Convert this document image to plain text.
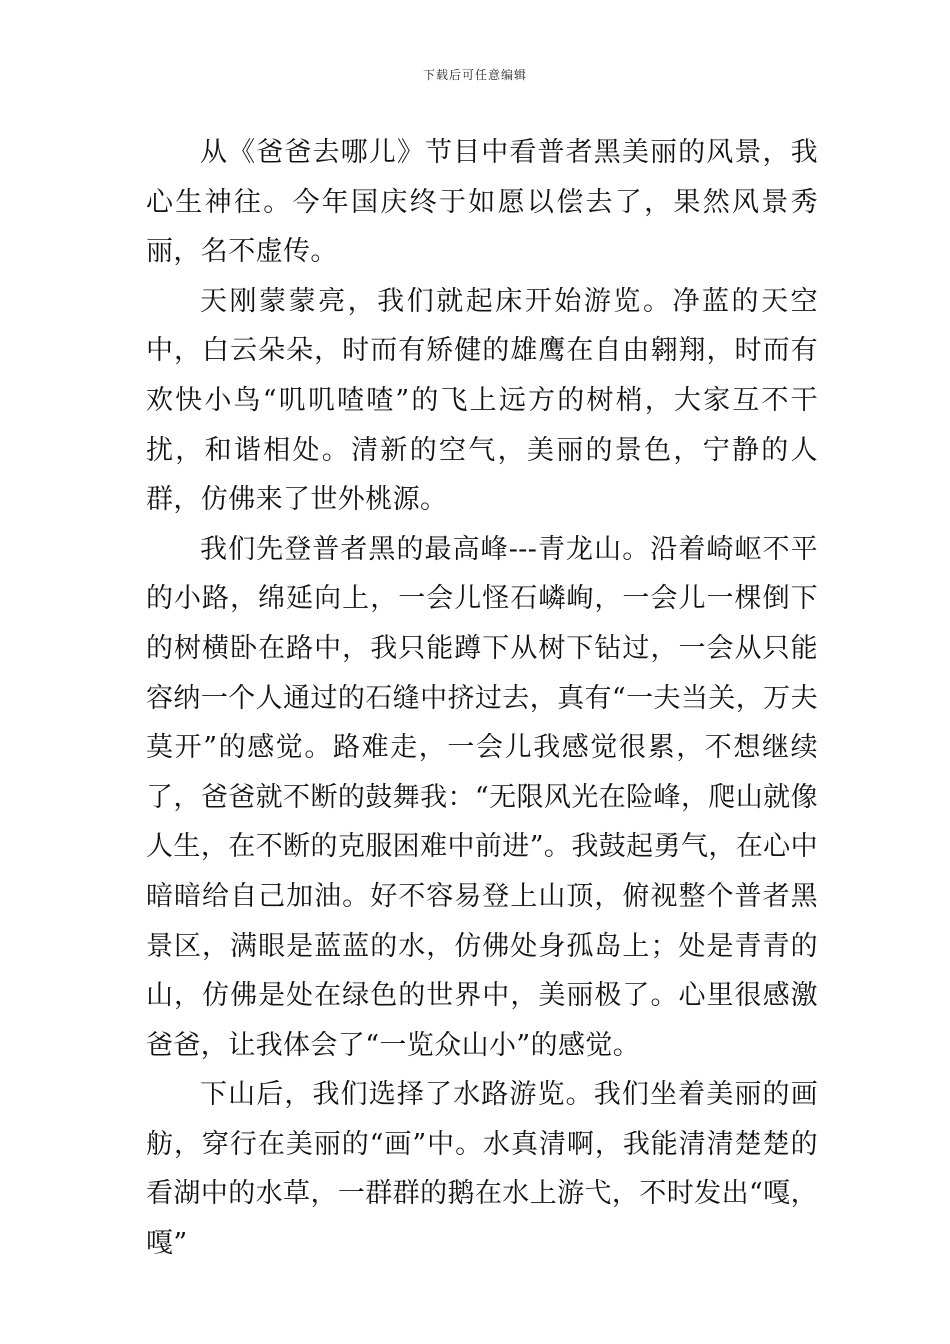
下载后可任意编辑

从《爸爸去哪儿》节目中看普者黑美丽的风景，我心生神往。今年国庆终于如愿以偿去了，果然风景秀丽，名不虚传。

天刚蒙蒙亮，我们就起床开始游览。净蓝的天空中，白云朵朵，时而有矫健的雄鹰在自由翱翔，时而有欢快小鸟“叽叽喳喳”的飞上远方的树梢，大家互不干扰，和谐相处。清新的空气，美丽的景色，宁静的人群，仿佛来了世外桃源。

我们先登普者黑的最高峰---青龙山。沿着崎岖不平的小路，绵延向上，一会儿怪石嶙峋，一会儿一棵倒下的树横卧在路中，我只能蹲下从树下钻过，一会从只能容纳一个人通过的石缝中挤过去，真有“一夫当关，万夫莫开”的感觉。路难走，一会儿我感觉很累，不想继续了，爸爸就不断的鼓舞我：“无限风光在险峰，爬山就像人生，在不断的克服困难中前进”。我鼓起勇气，在心中暗暗给自己加油。好不容易登上山顶，俯视整个普者黑景区，满眼是蓝蓝的水，仿佛处身孤岛上；处是青青的山，仿佛是处在绿色的世界中，美丽极了。心里很感激爸爸，让我体会了“一览众山小”的感觉。

下山后，我们选择了水路游览。我们坐着美丽的画舫，穿行在美丽的“画”中。水真清啊，我能清清楚楚的看湖中的水草，一群群的鹅在水上游弋，不时发出“嘎，嘎”
